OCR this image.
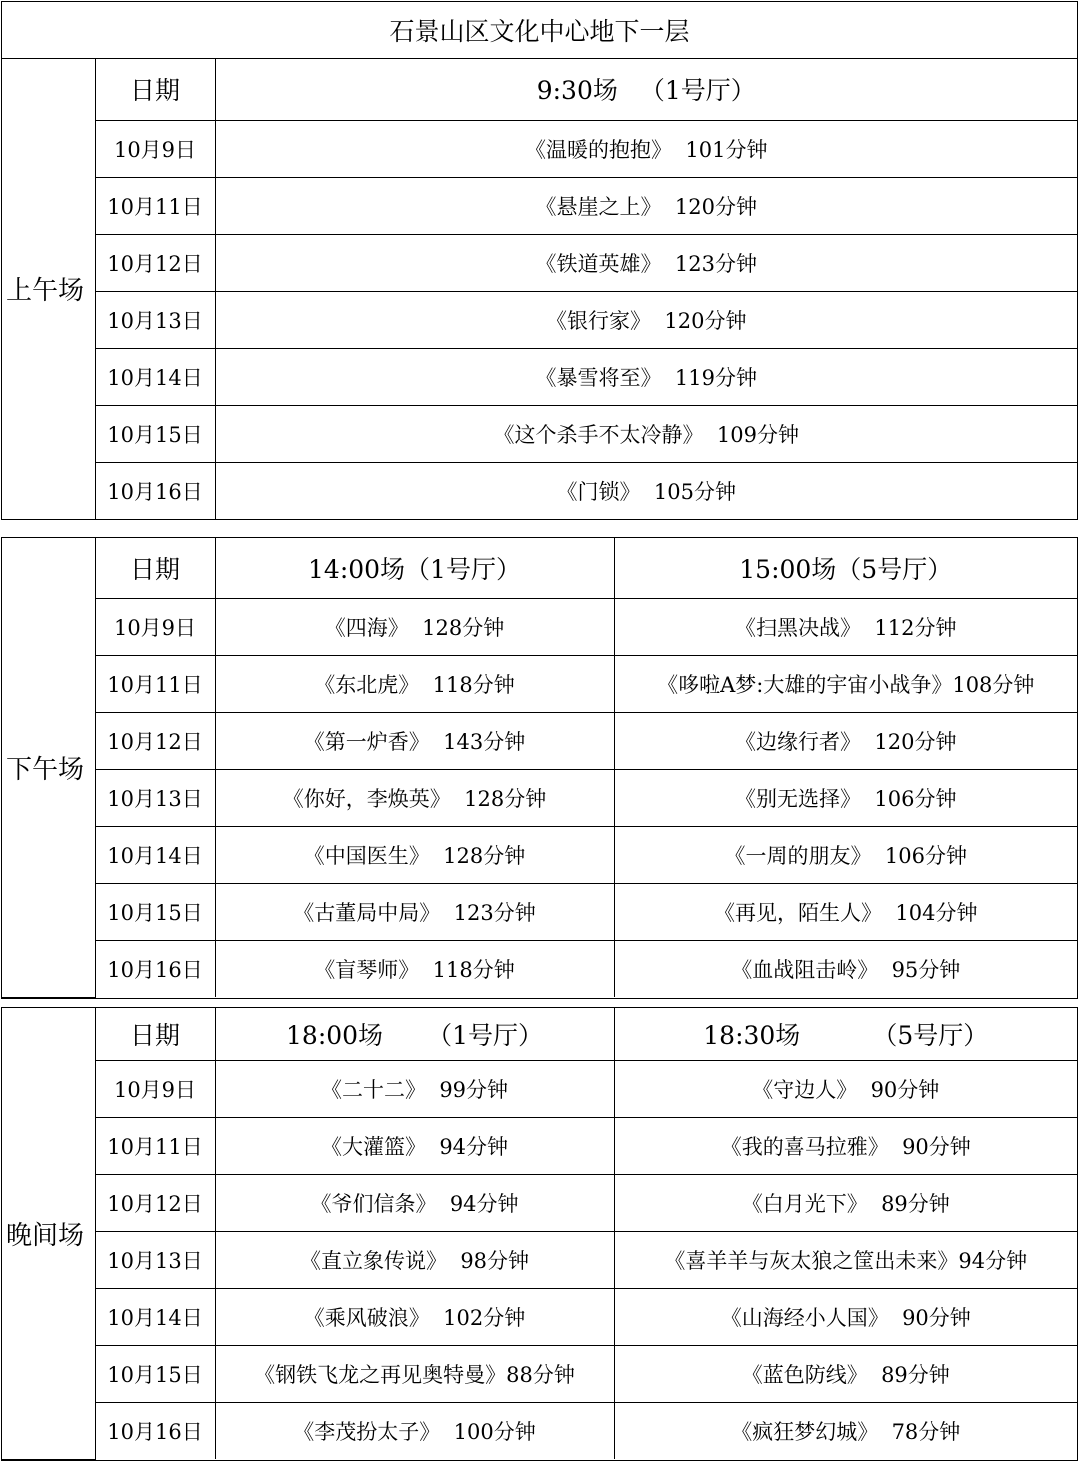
石景山区文化中心地下一层		
上午场	日期	9:30场 （1号厅）
	10月9日	《温暖的抱抱》 101分钟
	10月11日	《悬崖之上》 120分钟
	10月12日	《铁道英雄》 123分钟
	10月13日	《银行家》 120分钟
	10月14日	《暴雪将至》 119分钟
	10月15日	《这个杀手不太冷静》 109分钟
	10月16日	《门锁》 105分钟
下午场	日期	14:00场（1号厅）	15:00场（5号厅）
	10月9日	《四海》 128分钟	《扫黑决战》 112分钟
	10月11日	《东北虎》 118分钟	《哆啦A梦:大雄的宇宙小战争》108分钟
	10月12日	《第一炉香》 143分钟	《边缘行者》 120分钟
	10月13日	《你好，李焕英》 128分钟	《别无选择》 106分钟
	10月14日	《中国医生》 128分钟	《一周的朋友》 106分钟
	10月15日	《古董局中局》 123分钟	《再见，陌生人》 104分钟
	10月16日	《盲琴师》 118分钟	《血战阻击岭》 95分钟
晚间场	日期	18:00场 （1号厅）	18:30场 （5号厅）
	10月9日	《二十二》 99分钟	《守边人》 90分钟
	10月11日	《大灌篮》 94分钟	《我的喜马拉雅》 90分钟
	10月12日	《爷们信条》 94分钟	《白月光下》 89分钟
	10月13日	《直立象传说》 98分钟	《喜羊羊与灰太狼之筐出未来》94分钟
	10月14日	《乘风破浪》 102分钟	《山海经小人国》 90分钟
	10月15日	《钢铁飞龙之再见奥特曼》88分钟	《蓝色防线》 89分钟
	10月16日	《李茂扮太子》 100分钟	《疯狂梦幻城》 78分钟
